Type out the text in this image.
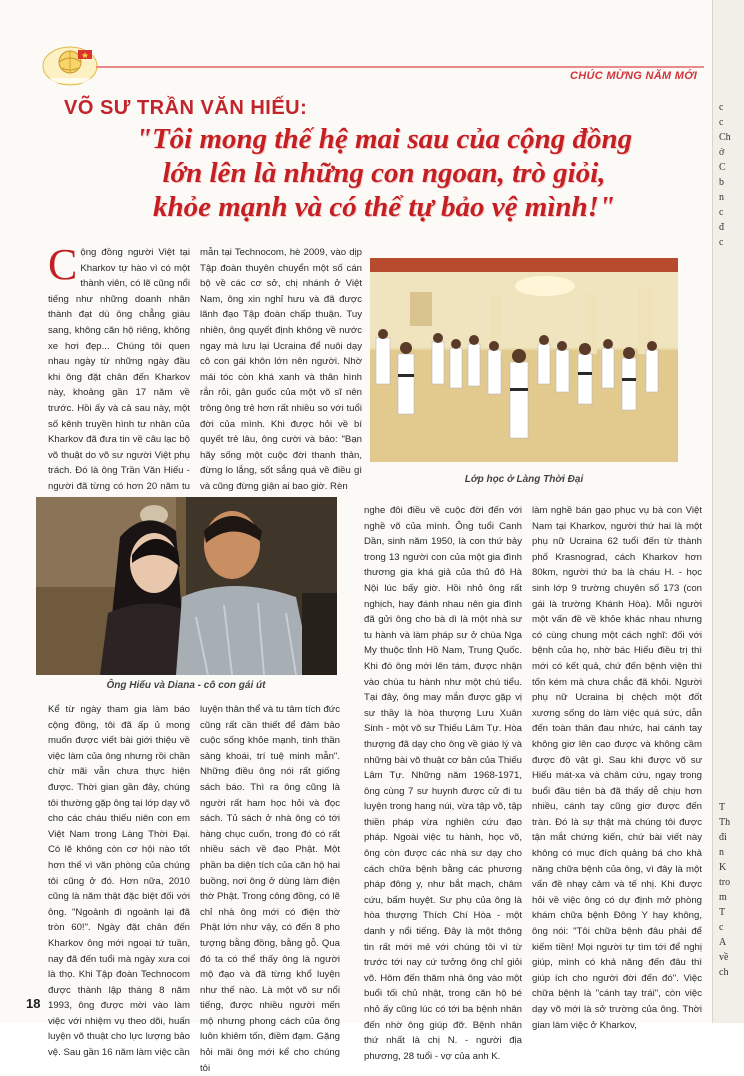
CHÚC MỪNG NĂM MỚI
VÕ SƯ TRẦN VĂN HIẾU:
"Tôi mong thế hệ mai sau của cộng đồng
lớn lên là những con ngoan, trò giỏi,
khỏe mạnh và có thể tự bảo vệ mình!"
Cộng đồng người Việt tại Kharkov tự hào vì có một thành viên, có lẽ cũng nổi tiếng như những doanh nhân thành đạt dù ông chẳng giàu sang, không căn hộ riêng, không xe hơi đẹp... Chúng tôi quen nhau ngày từ những ngày đầu khi ông đặt chân đến Kharkov này, khoảng gần 17 năm về trước. Hồi ấy và cả sau này, một số kênh truyền hình tư nhân của Kharkov đã đưa tin về câu lạc bộ võ thuật do võ sư người Việt phụ trách. Đó là ông Trần Văn Hiếu - người đã từng có hơn 20 năm tu
mẫn tại Technocom, hè 2009, vào dịp Tập đoàn thuyên chuyển một số cán bộ về các cơ sở, chị nhánh ở Việt Nam, ông xin nghỉ hưu và đã được lãnh đạo Tập đoàn chấp thuận. Tuy nhiên, ông quyết định không về nước ngay mà lưu lại Ucraina để nuôi dạy cô con gái khôn lớn nên người. Nhờ mái tóc còn khá xanh và thân hình rắn rỏi, gân guốc của một võ sĩ nên trông ông trẻ hơn rất nhiều so với tuổi đời của mình. Khi được hỏi về bí quyết trẻ lâu, ông cười và bảo: "Bạn hãy sống một cuộc đời thanh thản, đừng lo lắng, sốt sắng quá về điều gì và cũng đừng giận ai bao giờ. Rèn
Lớp học ở Làng Thời Đại
Ông Hiếu và Diana - cô con gái út
Kể từ ngày tham gia làm báo cộng đồng, tôi đã ấp ủ mong muốn được viết bài giới thiệu về việc làm của ông nhưng rồi chần chừ mãi vẫn chưa thực hiện được. Thời gian gần đây, chúng tôi thường gặp ông tại lớp dạy võ cho các cháu thiếu niên con em Việt Nam trong Làng Thời Đại. Có lẽ không còn cơ hội nào tốt hơn thế vì văn phòng của chúng tôi cũng ở đó. Hơn nữa, 2010 cũng là năm thật đặc biệt đối với ông. "Ngoảnh đi ngoảnh lại đã tròn 60!". Ngày đặt chân đến Kharkov ông mới ngoại tứ tuần, nay đã đến tuổi mà ngày xưa coi là thọ. Khi Tập đoàn Technocom được thành lập tháng 8 năm 1993, ông được mời vào làm việc với nhiệm vụ theo dõi, huấn luyện võ thuật cho lực lượng bảo vệ. Sau gần 16 năm làm việc cần
luyện thân thể và tu tâm tích đức cũng rất cần thiết để đảm bảo cuộc sống khỏe mạnh, tinh thần sảng khoái, trí tuệ minh mẫn". Những điều ông nói rất giống sách báo. Thì ra ông cũng là người rất ham học hỏi và đọc sách. Tủ sách ở nhà ông có tới hàng chục cuốn, trong đó có rất nhiều sách về đạo Phật. Một phần ba diện tích của căn hộ hai buồng, nơi ông ở dùng làm điện thờ Phật. Trong công đồng, có lẽ chỉ nhà ông mới có điện thờ Phật lớn như vậy, có đến 8 pho tượng bằng đồng, bằng gỗ. Qua đó ta có thể thấy ông là người mộ đạo và đã từng khổ luyện như thế nào. Là một võ sư nổi tiếng, được nhiều người mến mộ nhưng phong cách của ông luôn khiêm tốn, điềm đạm. Gặng hỏi mãi ông mới kể cho chúng tôi
nghe đôi điều về cuộc đời đến với nghề võ của mình. Ông tuổi Canh Dần, sinh năm 1950, là con thứ bảy trong 13 người con của một gia đình thương gia khá giả của thủ đô Hà Nội lúc bấy giờ. Hồi nhỏ ông rất nghịch, hay đánh nhau nên gia đình đã gửi ông cho bà dì là một nhà sư tu hành và làm pháp sư ở chùa Nga My thuộc tỉnh Hồ Nam, Trung Quốc. Khi đó ông mới lên tám, được nhận vào chùa tu hành như một chú tiểu. Tại đây, ông may mắn được gặp vị sư thầy là hòa thượng Lưu Xuân Sinh - một võ sư Thiếu Lâm Tự. Hòa thượng đã dạy cho ông về giáo lý và những bài võ thuật cơ bản của Thiếu Lâm Tự. Những năm 1968-1971, ông cùng 7 sư huynh được cử đi tu luyện trong hang núi, vừa tập võ, tập thiền pháp vừa nghiên cứu đạo pháp. Ngoài việc tu hành, học võ, ông còn được các nhà sư dạy cho cách chữa bệnh bằng các phương pháp đông y, như bắt mạch, châm cứu, bấm huyệt. Sư phụ của ông là hòa thượng Thích Chí Hòa - một danh y nổi tiếng. Đây là một thông tin rất mới mẻ với chúng tôi vì từ trước tới nay cứ tưởng ông chỉ giỏi võ. Hôm đến thăm nhà ông vào một buổi tối chủ nhật, trong căn hộ bé nhỏ ấy cũng lúc có tới ba bệnh nhân đến nhờ ông giúp đỡ. Bệnh nhân thứ nhất là chị N. - người địa phương, 28 tuổi - vợ của anh K.
làm nghề bán gạo phục vụ bà con Việt Nam tại Kharkov, người thứ hai là một phụ nữ Ucraina 62 tuổi đến từ thành phố Krasnograd, cách Kharkov hơn 80km, người thứ ba là cháu H. - học sinh lớp 9 trường chuyên số 173 (con gái là trường Khánh Hòa). Mỗi người một vấn đề về khỏe khác nhau nhưng có cùng chung một cách nghĩ: đối với bệnh của họ, nhờ bác Hiếu điều trị thì mới có kết quả, chứ đến bệnh viện thì tốn kém mà chưa chắc đã khỏi. Người phụ nữ Ucraina bị chệch một đốt xương sống do làm việc quá sức, dẫn đến toàn thân đau nhức, hai cánh tay không giơ lên cao được và không cầm được đồ vật gì. Sau khi được võ sư Hiếu mát-xa và châm cứu, ngay trong buổi đầu tiên bà đã thấy dễ chịu hơn nhiều, cánh tay cũng giơ được đến tràn. Đó là sự thật mà chúng tôi được tận mắt chứng kiến, chứ bài viết này không có mục đích quảng bá cho khả năng chữa bệnh của ông, vì đây là một vấn đề nhạy cảm và tế nhị. Khi được hỏi về việc ông có dự định mở phòng khám chữa bệnh Đông Y hay không, ông nói: "Tôi chữa bệnh đâu phải để kiếm tiền! Mọi người tự tìm tới để nghị giúp, mình có khả năng đến đâu thì giúp ích cho người đời đến đó". Việc chữa bệnh là "cánh tay trái", còn việc dạy võ mới là sở trường của ông. Thời gian làm việc ở Kharkov,
18
c
c
Ch
ở
C
b
n
c
đ
c
T
Th
đi
n
K
tro
m
T
c
A
về
ch
